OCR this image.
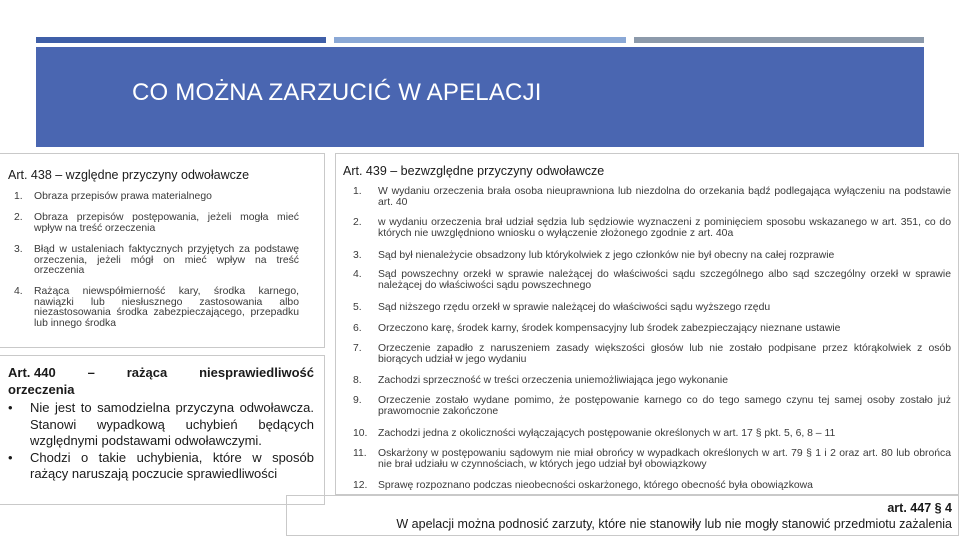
CO MOŻNA ZARZUCIĆ W APELACJI
Art. 438 – względne przyczyny odwoławcze
1. Obraza przepisów prawa materialnego
2. Obraza przepisów postępowania, jeżeli mogła mieć wpływ na treść orzeczenia
3. Błąd w ustaleniach faktycznych przyjętych za podstawę orzeczenia, jeżeli mógł on mieć wpływ na treść orzeczenia
4. Rażąca niewspółmierność kary, środka karnego, nawiązki lub niesłusznego zastosowania albo niezastosowania środka zabezpieczającego, przepadku lub innego środka
Art. 440 – rażąca niesprawiedliwość
orzeczenia
• Nie jest to samodzielna przyczyna odwoławcza. Stanowi wypadkową uchybień będących względnymi podstawami odwoławczymi.
• Chodzi o takie uchybienia, które w sposób rażący naruszają poczucie sprawiedliwości
Art. 439 – bezwzględne przyczyny odwoławcze
1. W wydaniu orzeczenia brała osoba nieuprawniona lub niezdolna do orzekania bądź podlegająca wyłączeniu na podstawie art. 40
2. w wydaniu orzeczenia brał udział sędzia lub sędziowie wyznaczeni z pominięciem sposobu wskazanego w art. 351, co do których nie uwzględniono wniosku o wyłączenie złożonego zgodnie z art. 40a
3. Sąd był nienależycie obsadzony lub którykolwiek z jego członków nie był obecny na całej rozprawie
4. Sąd powszechny orzekł w sprawie należącej do właściwości sądu szczególnego albo sąd szczególny orzekł w sprawie należącej do właściwości sądu powszechnego
5. Sąd niższego rzędu orzekł w sprawie należącej do właściwości sądu wyższego rzędu
6. Orzeczono karę, środek karny, środek kompensacyjny lub środek zabezpieczający nieznane ustawie
7. Orzeczenie zapadło z naruszeniem zasady większości głosów lub nie zostało podpisane przez którąkolwiek z osób biorących udział w jego wydaniu
8. Zachodzi sprzeczność w treści orzeczenia uniemożliwiająca jego wykonanie
9. Orzeczenie zostało wydane pomimo, że postępowanie karnego co do tego samego czynu tej samej osoby zostało już prawomocnie zakończone
10. Zachodzi jedna z okoliczności wyłączających postępowanie określonych w art. 17 § pkt. 5, 6, 8 – 11
11. Oskarżony w postępowaniu sądowym nie miał obrońcy w wypadkach określonych w art. 79 § 1 i 2 oraz art. 80 lub obrońca nie brał udziału w czynnościach, w których jego udział był obowiązkowy
12. Sprawę rozpoznano podczas nieobecności oskarżonego, którego obecność była obowiązkowa
art. 447 § 4
W apelacji można podnosić zarzuty, które nie stanowiły lub nie mogły stanowić przedmiotu zażalenia
